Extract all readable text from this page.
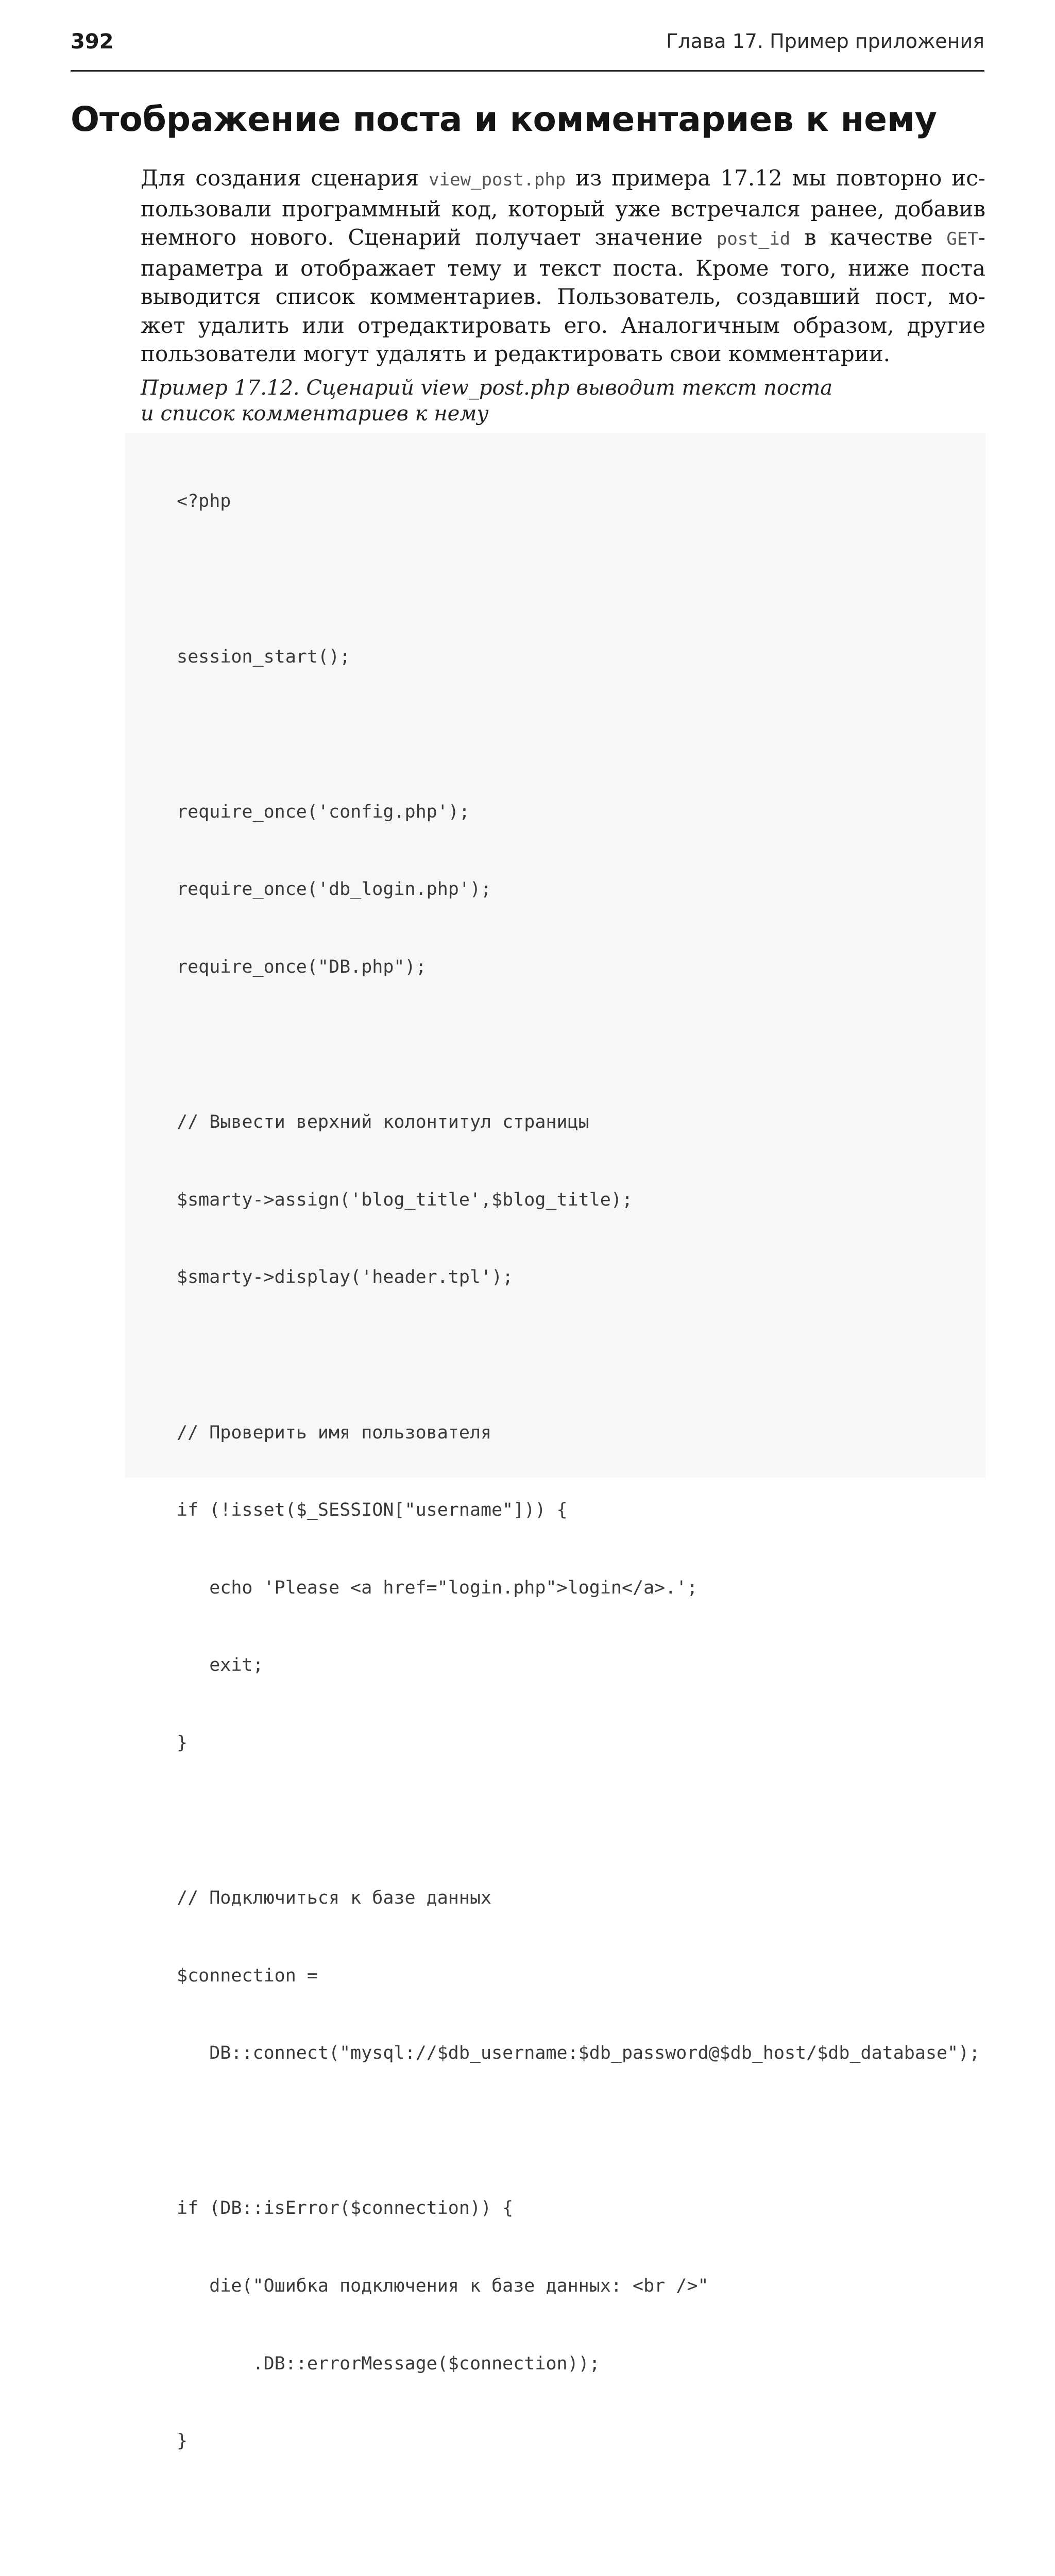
392	Глава 17. Пример приложения
Отображение поста и комментариев к нему
Для создания сценария view_post.php из примера 17.12 мы повторно ис-
пользовали программный код, который уже встречался ранее, добавив
немного нового. Сценарий получает значение post_id в качестве GET-
параметра и отображает тему и текст поста. Кроме того, ниже поста
выводится список комментариев. Пользователь, создавший пост, мо-
жет удалить или отредактировать его. Аналогичным образом, другие
пользователи могут удалять и редактировать свои комментарии.
Пример 17.12. Сценарий view_post.php выводит текст поста
и список комментариев к нему

<?php

session_start();

require_once('config.php');

require_once('db_login.php');

require_once("DB.php");

// Вывести верхний колонтитул страницы

$smarty->assign('blog_title',$blog_title);

$smarty->display('header.tpl');

// Проверить имя пользователя

if (!isset($_SESSION["username"])) {

echo 'Please <a href="login.php">login</a>.';

exit;

}

// Подключиться к базе данных

$connection =

DB::connect("mysql://$db_username:$db_password@$db_host/$db_database");

if (DB::isError($connection)) {

die("Ошибка подключения к базе данных: <br />"

.DB::errorMessage($connection));

}
